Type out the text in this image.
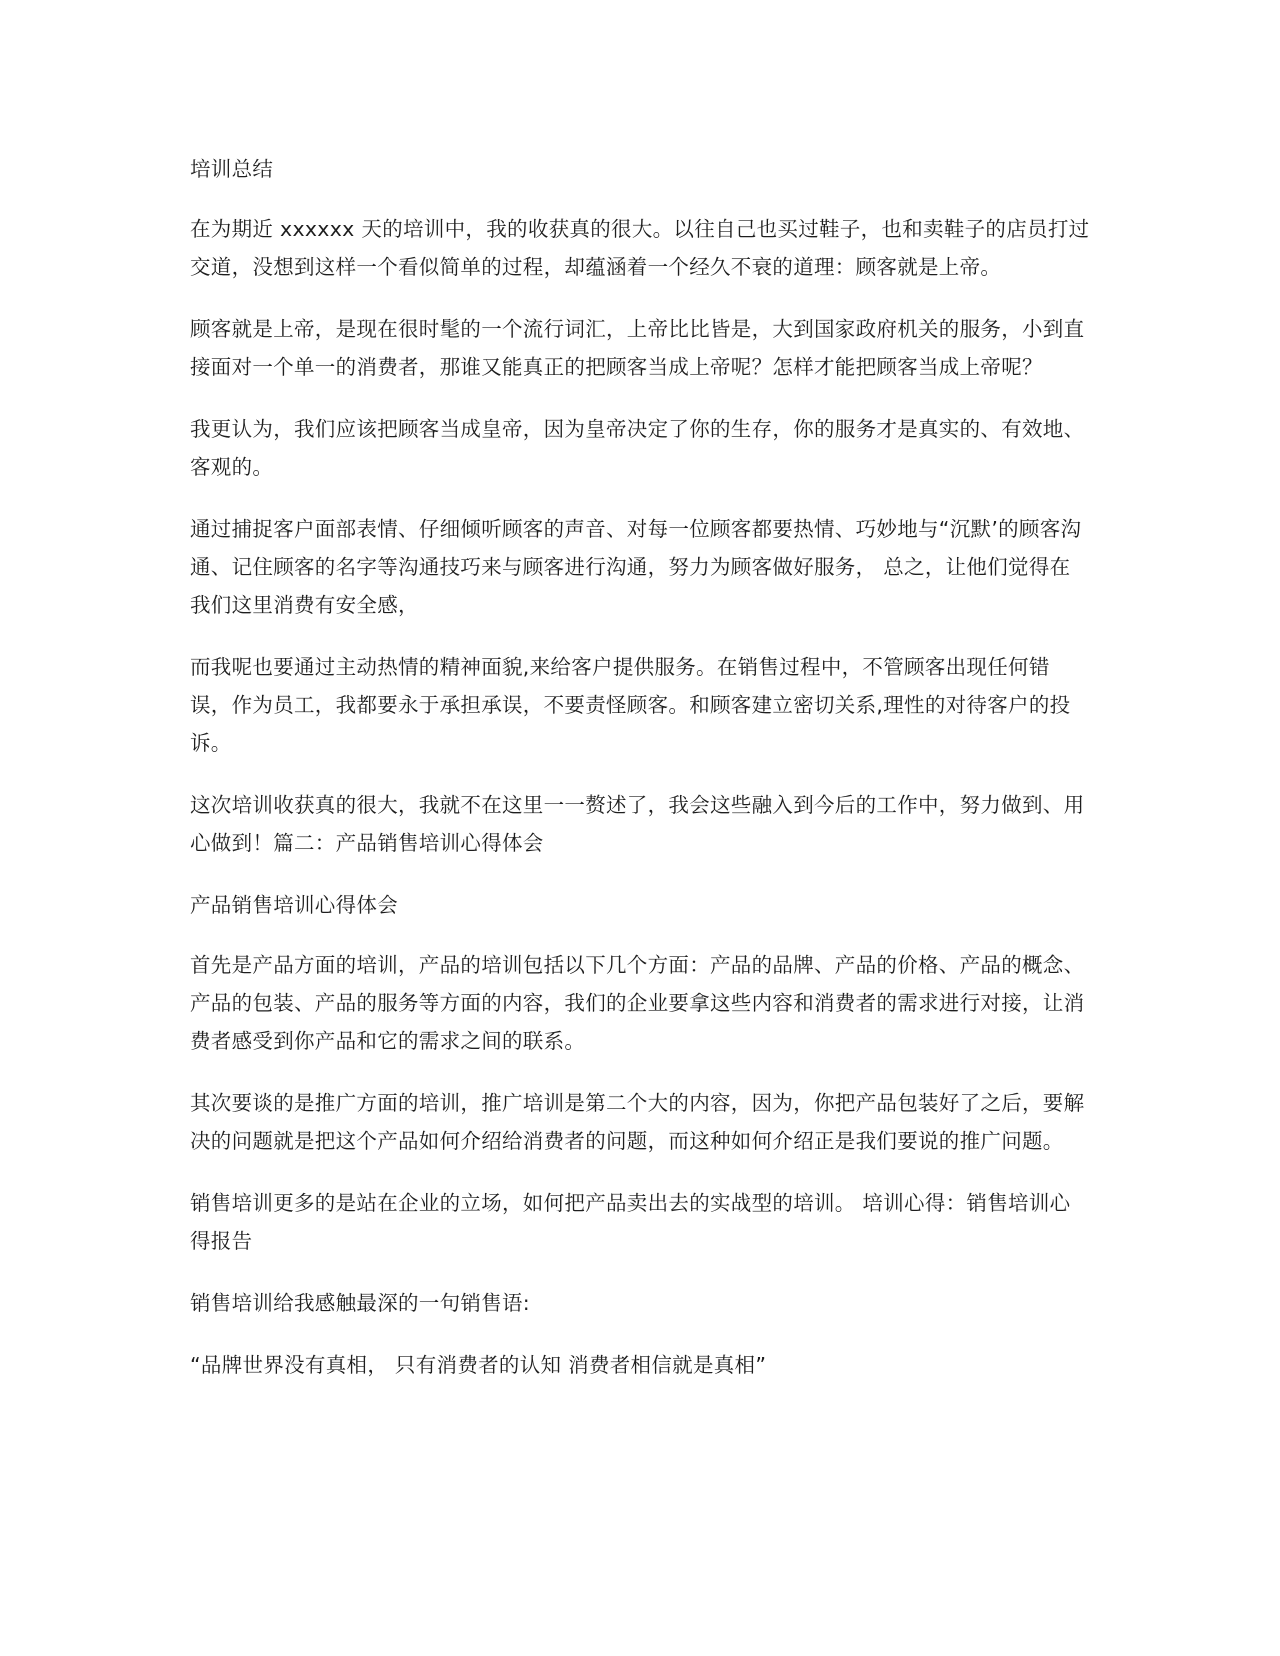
培训总结

在为期近 xxxxxx 天的培训中，我的收获真的很大。以往自己也买过鞋子，也和卖鞋子的店员打过交道，没想到这样一个看似简单的过程，却蕴涵着一个经久不衰的道理：顾客就是上帝。

顾客就是上帝，是现在很时髦的一个流行词汇，上帝比比皆是，大到国家政府机关的服务，小到直接面对一个单一的消费者，那谁又能真正的把顾客当成上帝呢？怎样才能把顾客当成上帝呢？

我更认为，我们应该把顾客当成皇帝，因为皇帝决定了你的生存，你的服务才是真实的、有效地、客观的。

通过捕捉客户面部表情、仔细倾听顾客的声音、对每一位顾客都要热情、巧妙地与“沉默’的顾客沟通、记住顾客的名字等沟通技巧来与顾客进行沟通，努力为顾客做好服务， 总之，让他们觉得在我们这里消费有安全感，

而我呢也要通过主动热情的精神面貌,来给客户提供服务。在销售过程中，不管顾客出现任何错误，作为员工，我都要永于承担承误，不要责怪顾客。和顾客建立密切关系,理性的对待客户的投诉。

这次培训收获真的很大，我就不在这里一一赘述了，我会这些融入到今后的工作中，努力做到、用心做到！篇二：产品销售培训心得体会

产品销售培训心得体会

首先是产品方面的培训，产品的培训包括以下几个方面：产品的品牌、产品的价格、产品的概念、产品的包装、产品的服务等方面的内容，我们的企业要拿这些内容和消费者的需求进行对接，让消费者感受到你产品和它的需求之间的联系。

其次要谈的是推广方面的培训，推广培训是第二个大的内容，因为，你把产品包装好了之后，要解决的问题就是把这个产品如何介绍给消费者的问题，而这种如何介绍正是我们要说的推广问题。

销售培训更多的是站在企业的立场，如何把产品卖出去的实战型的培训。 培训心得：销售培训心得报告

销售培训给我感触最深的一句销售语:

“品牌世界没有真相， 只有消费者的认知 消费者相信就是真相”
